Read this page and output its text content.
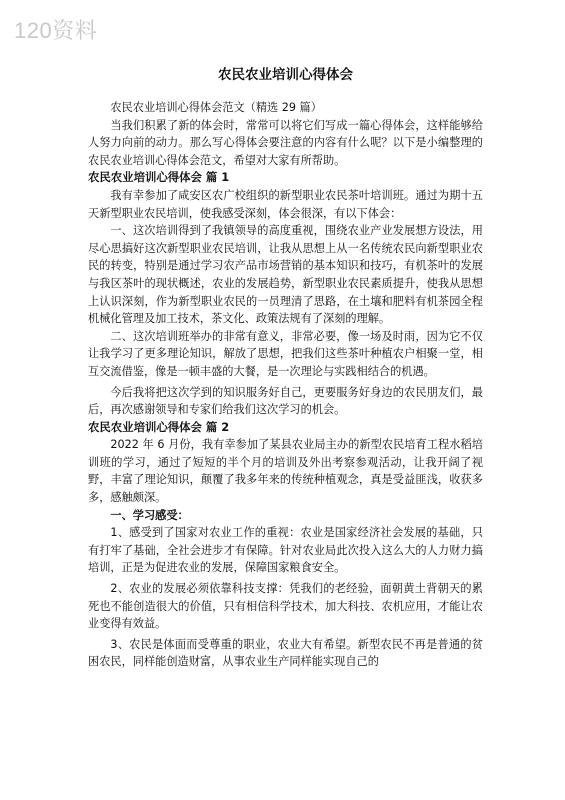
120资料
农民农业培训心得体会

农民农业培训心得体会范文（精选 29 篇）

当我们积累了新的体会时，常常可以将它们写成一篇心得体会，这样能够给人努力向前的动力。那么写心得体会要注意的内容有什么呢？以下是小编整理的农民农业培训心得体会范文，希望对大家有所帮助。

农民农业培训心得体会 篇 1

我有幸参加了咸安区农广校组织的新型职业农民茶叶培训班。通过为期十五天新型职业农民培训，使我感受深刻，体会很深，有以下体会：

一、这次培训得到了我镇领导的高度重视，围绕农业产业发展想方设法，用尽心思搞好这次新型职业农民培训，让我从思想上从一名传统农民向新型职业农民的转变，特别是通过学习农产品市场营销的基本知识和技巧，有机茶叶的发展与我区茶叶的现状概述，农业的发展趋势，新型职业农民素质提升，使我从思想上认识深刻，作为新型职业农民的一员理清了思路，在土壤和肥料有机茶园全程机械化管理及加工技术，茶文化、政策法规有了深刻的理解。

二、这次培训班举办的非常有意义，非常必要，像一场及时雨，因为它不仅让我学习了更多理论知识，解放了思想，把我们这些茶叶种植农户相聚一堂，相互交流借鉴，像是一顿丰盛的大餐，是一次理论与实践相结合的机遇。

今后我将把这次学到的知识服务好自己，更要服务好身边的农民朋友们，最后，再次感谢领导和专家们给我们这次学习的机会。

农民农业培训心得体会 篇 2

2022 年 6 月份，我有幸参加了某县农业局主办的新型农民培育工程水稻培训班的学习，通过了短短的半个月的培训及外出考察参观活动，让我开阔了视野，丰富了理论知识，颠覆了我多年来的传统种植观念，真是受益匪浅，收获多多，感触颇深。

一、学习感受：

1、感受到了国家对农业工作的重视：农业是国家经济社会发展的基础，只有打牢了基础，全社会进步才有保障。针对农业局此次投入这么大的人力财力搞培训，正是为促进农业的发展，保障国家粮食安全。

2、农业的发展必须依靠科技支撑：凭我们的老经验，面朝黄土背朝天的累死也不能创造很大的价值，只有相信科学技术，加大科技、农机应用，才能让农业变得有效益。

3、农民是体面而受尊重的职业，农业大有希望。新型农民不再是普通的贫困农民，同样能创造财富，从事农业生产同样能实现自己的
